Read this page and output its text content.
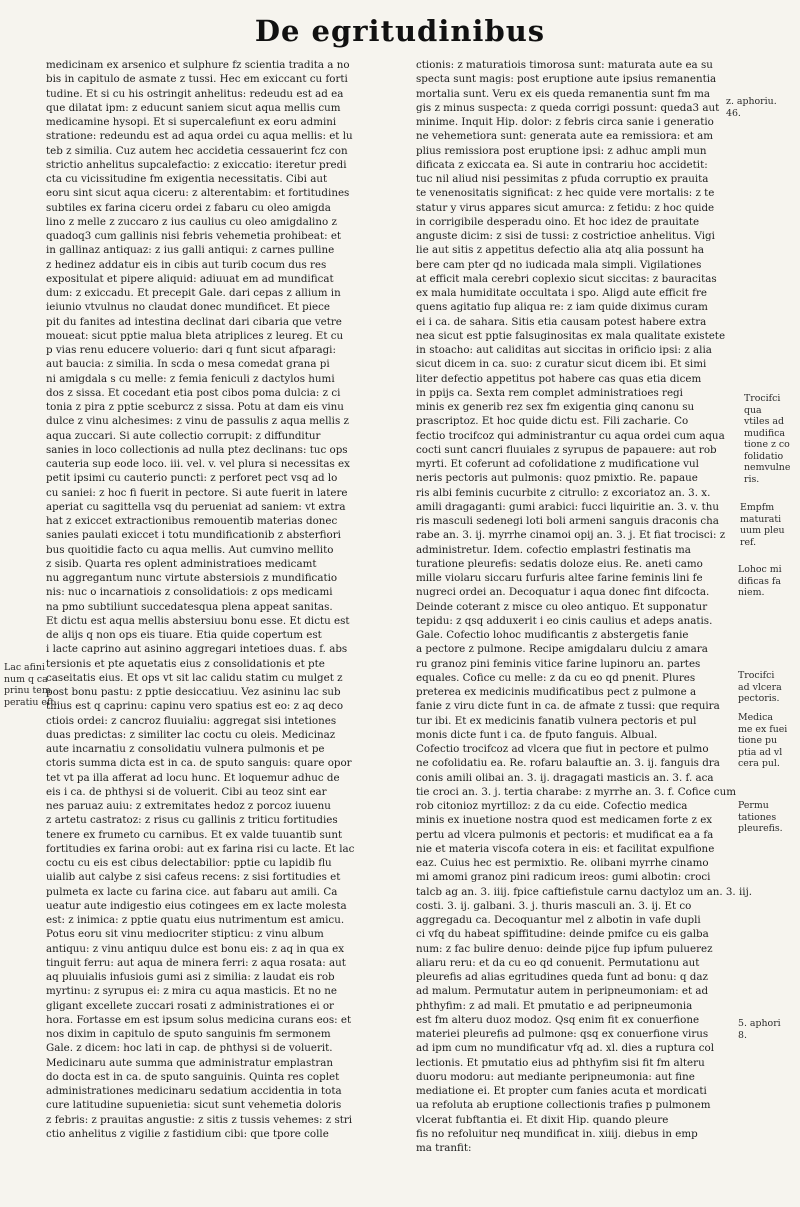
De egritudinibus
medicinam ex arsenico et sulphure fz scientia tradita a no
bis in capitulo de asmate z tussi. Hec em exiccant cu forti
tudine. Et si cu his ostringit anhelitus: redeudu est ad ea
que dilatat ipm: z educunt saniem sicut aqua mellis cum
medicamine hysopi. Et si supercalefiunt ex eoru admini
stratione: redeundu est ad aqua ordei cu aqua mellis: et lu
teb z similia. Cuz autem hec accidetia cessauerint fcz con
strictio anhelitus supcalefactio: z exiccatio: iteretur predi
cta cu vicissitudine fm exigentia necessitatis. Cibi aut
eoru sint sicut aqua ciceru: z alterentabim: et fortitudines
subtiles ex farina ciceru ordei z fabaru cu oleo amigda
lino z melle z zuccaro z ius caulius cu oleo amigdalino z
quadoq3 cum gallinis nisi febris vehemetia prohibeat: et
in gallinaz antiquaz: z ius galli antiqui: z carnes pulline
z hedinez addatur eis in cibis aut turib cocum dus res
expositulat et pipere aliquid: adiuuat em ad mundificat
dum: z exiccadu. Et precepit Gale. dari cepas z allium in
ieiunio vtvulnus no claudat donec mundificet. Et piece
pit du fanites ad intestina declinat dari cibaria que vetre
moueat: sicut pptie malua bleta atriplices z leureg. Et cu
p vias renu educere voluerio: dari q funt sicut afparagi:
aut baucia: z similia. In scda o mesa comedat grana pi
ni amigdala s cu melle: z femia feniculi z dactylos humi
dos z sissa. Et cocedant etia post cibos poma dulcia: z ci
tonia z pira z pptie sceburcz z sissa. Potu at dam eis vinu
dulce z vinu alchesimes: z vinu de passulis z aqua mellis z
aqua zuccari. Si aute collectio corrupit: z diffunditur
sanies in loco collectionis ad nulla ptez declinans: tuc ops
cauteria sup eode loco. iii. vel. v. vel plura si necessitas ex
petit ipsimi cu cauterio puncti: z perforet pect vsq ad lo
cu saniei: z hoc fi fuerit in pectore. Si aute fuerit in latere
aperiat cu sagittella vsq du perueniat ad saniem: vt extra
hat z exiccet extractionibus remouentib materias donec
sanies paulati exiccet i totu mundificationib z absterfiori
bus quoitidie facto cu aqua mellis. Aut cumvino mellito
z sisib. Quarta res oplent administratioes medicamt
nu aggregantum nunc virtute abstersiois z mundificatio
nis: nuc o incarnatiois z consolidatiois: z ops medicami
na pmo subtiliunt succedatesqua plena appeat sanitas.
Et dictu est aqua mellis abstersiuu bonu esse. Et dictu est
de alijs q non ops eis tiuare. Etia quide copertum est
i lacte caprino aut asinino aggregari intetioes duas. f. abs
tersionis et pte aquetatis eius z consolidationis et pte
caseitatis eius. Et ops vt sit lac calidu statim cu mulget z
post bonu pastu: z pptie desiccatiuu. Vez asininu lac sub
tilius est q caprinu: capinu vero spatius est eo: z aq deco
ctiois ordei: z cancroz fluuialiu: aggregat sisi intetiones
duas predictas: z similiter lac coctu cu oleis. Medicinaz
aute incarnatiu z consolidatiu vulnera pulmonis et pe
ctoris summa dicta est in ca. de sputo sanguis: quare opor
tet vt pa illa afferat ad locu hunc. Et loquemur adhuc de
eis i ca. de phthysi si de voluerit. Cibi au teoz sint ear
nes paruaz auiu: z extremitates hedoz z porcoz iuuenu
z artetu castratoz: z risus cu gallinis z triticu fortitudies
tenere ex frumeto cu carnibus. Et ex valde tuuantib sunt
fortitudies ex farina orobi: aut ex farina risi cu lacte. Et lac
coctu cu eis est cibus delectabilior: pptie cu lapidib flu
uialib aut calybe z sisi cafeus recens: z sisi fortitudies et
pulmeta ex lacte cu farina cice. aut fabaru aut amili. Ca
ueatur aute indigestio eius cotingees em ex lacte molesta
est: z inimica: z pptie quatu eius nutrimentum est amicu.
Potus eoru sit vinu mediocriter stipticu: z vinu album
antiquu: z vinu antiquu dulce est bonu eis: z aq in qua ex
tinguit ferru: aut aqua de minera ferri: z aqua rosata: aut
aq pluuialis infusiois gumi asi z similia: z laudat eis rob
myrtinu: z syrupus ei: z mira cu aqua masticis. Et no ne
gligant excellete zuccari rosati z administrationes ei or
hora. Fortasse em est ipsum solus medicina curans eos: et
nos dixim in capitulo de sputo sanguinis fm sermonem
Gale. z dicem: hoc lati in cap. de phthysi si de voluerit.
Medicinaru aute summa que administratur emplastran
do docta est in ca. de sputo sanguinis. Quinta res coplet
administrationes medicinaru sedatium accidentia in tota
cure latitudine supuenietia: sicut sunt vehemetia doloris
z febris: z prauitas angustie: z sitis z tussis vehemes: z stri
ctio anhelitus z vigilie z fastidium cibi: que tpore colle
ctionis: z maturatiois timorosa sunt: maturata aute ea su
specta sunt magis: post eruptione aute ipsius remanentia
mortalia sunt. Veru ex eis queda remanentia sunt fm ma
gis z minus suspecta: z queda corrigi possunt: queda3 aut
minime. Inquit Hip. dolor: z febris circa sanie i generatio
ne vehemetiora sunt: generata aute ea remissiora: et am
plius remissiora post eruptione ipsi: z adhuc ampli mun
dificata z exiccata ea. Si aute in contrariu hoc accidetit:
tuc nil aliud nisi pessimitas z pfuda corruptio ex prauita
te venenositatis significat: z hec quide vere mortalis: z te
statur y virus appares sicut amurca: z fetidu: z hoc quide
in corrigibile desperadu oino. Et hoc idez de prauitate
anguste dicim: z sisi de tussi: z costrictioe anhelitus. Vigi
lie aut sitis z appetitus defectio alia atq alia possunt ha
bere cam pter qd no iudicada mala simpli. Vigilationes
at efficit mala cerebri coplexio sicut siccitas: z bauracitas
ex mala humiditate occultata i spo. Aligd aute efficit fre
quens agitatio fup aliqua re: z iam quide diximus curam
ei i ca. de sahara. Sitis etia causam potest habere extra
nea sicut est pptie falsuginositas ex mala qualitate existete
in stoacho: aut caliditas aut siccitas in orificio ipsi: z alia
sicut dicem in ca. suo: z curatur sicut dicem ibi. Et simi
liter defectio appetitus pot habere cas quas etia dicem
in ppijs ca. Sexta rem complet administratioes regi
minis ex generib rez sex fm exigentia ginq canonu su
prascriptoz. Et hoc quide dictu est. Fili zacharie. Co
fectio trocifcoz qui administrantur cu aqua ordei cum aqua
cocti sunt cancri fluuiales z syrupus de papauere: aut rob
myrti. Et coferunt ad cofolidatione z mudificatione vul
neris pectoris aut pulmonis: quoz pmixtio. Re. papaue
ris albi feminis cucurbite z citrullo: z excoriatoz an. 3. x.
amili dragaganti: gumi arabici: fucci liquiritie an. 3. v. thu
ris masculi sedenegi loti boli armeni sanguis draconis cha
rabe an. 3. ij. myrrhe cinamoi opij an. 3. j. Et fiat trocisci: z
administretur. Idem. cofectio emplastri festinatis ma
turatione pleurefis: sedatis doloze eius. Re. aneti camo
mille violaru siccaru furfuris altee farine feminis lini fe
nugreci ordei an. Decoquatur i aqua donec fint difcocta.
Deinde coterant z misce cu oleo antiquo. Et supponatur
tepidu: z qsq adduxerit i eo cinis caulius et adeps anatis.
Gale. Cofectio lohoc mudificantis z abstergetis fanie
a pectore z pulmone. Recipe amigdalaru dulciu z amara
ru granoz pini feminis vitice farine lupinoru an. partes
equales. Cofice cu melle: z da cu eo qd pnenit. Plures
preterea ex medicinis mudificatibus pect z pulmone a
fanie z viru dicte funt in ca. de afmate z tussi: que requira
tur ibi. Et ex medicinis fanatib vulnera pectoris et pul
monis dicte funt i ca. de fputo fanguis. Albual.
Cofectio trocifcoz ad vlcera que fiut in pectore et pulmo
ne cofolidatiu ea. Re. rofaru balauftie an. 3. ij. fanguis dra
conis amili olibai an. 3. ij. dragagati masticis an. 3. f. aca
tie croci an. 3. j. tertia charabe: z myrrhe an. 3. f. Cofice cum
rob citonioz myrtilloz: z da cu eide. Cofectio medica
minis ex inuetione nostra quod est medicamen forte z ex
pertu ad vlcera pulmonis et pectoris: et mudificat ea a fa
nie et materia viscofa cotera in eis: et facilitat expulfione
eaz. Cuius hec est permixtio. Re. olibani myrrhe cinamo
mi amomi granoz pini radicum ireos: gumi albotin: croci
talcb ag an. 3. iiij. fpice caftiefistule carnu dactyloz um an. 3. iij.
costi. 3. ij. galbani. 3. j. thuris masculi an. 3. ij. Et co
aggregadu ca. Decoquantur mel z albotin in vafe dupli
ci vfq du habeat spiffitudine: deinde pmifce cu eis galba
num: z fac bulire denuo: deinde pijce fup ipfum puluerez
aliaru reru: et da cu eo qd conuenit. Permutationu aut
pleurefis ad alias egritudines queda funt ad bonu: q daz
ad malum. Permutatur autem in peripneumoniam: et ad
phthyfim: z ad mali. Et pmutatio e ad peripneumonia
est fm alteru duoz modoz. Qsq enim fit ex conuerfione
materiei pleurefis ad pulmone: qsq ex conuerfione virus
ad ipm cum no mundificatur vfq ad. xl. dies a ruptura col
lectionis. Et pmutatio eius ad phthyfim sisi fit fm alteru
duoru modoru: aut mediante peripneumonia: aut fine
mediatione ei. Et propter cum fanies acuta et mordicati
ua refoluta ab eruptione collectionis trafies p pulmonem
vlcerat fubftantia ei. Et dixit Hip. quando pleure
fis no refoluitur neq mundificat in. xiiij. diebus in emp
ma tranfit:
Lac afini
num q ca
prinu tem
peratiu eft.
z. aphoriu.
46.
Trocifci
qua
vtiles ad
mudifica
tione z co
folidatio
nemvulne
ris.
Empfm
maturati
uum pleu
ref.
Lohoc mi
dificas fa
niem.
Trocifci
ad vlcera
pectoris.
Medica
me ex fuei
tione pu
ptia ad vl
cera pul.
Permu
tationes
pleurefis.
5. aphori
8.
